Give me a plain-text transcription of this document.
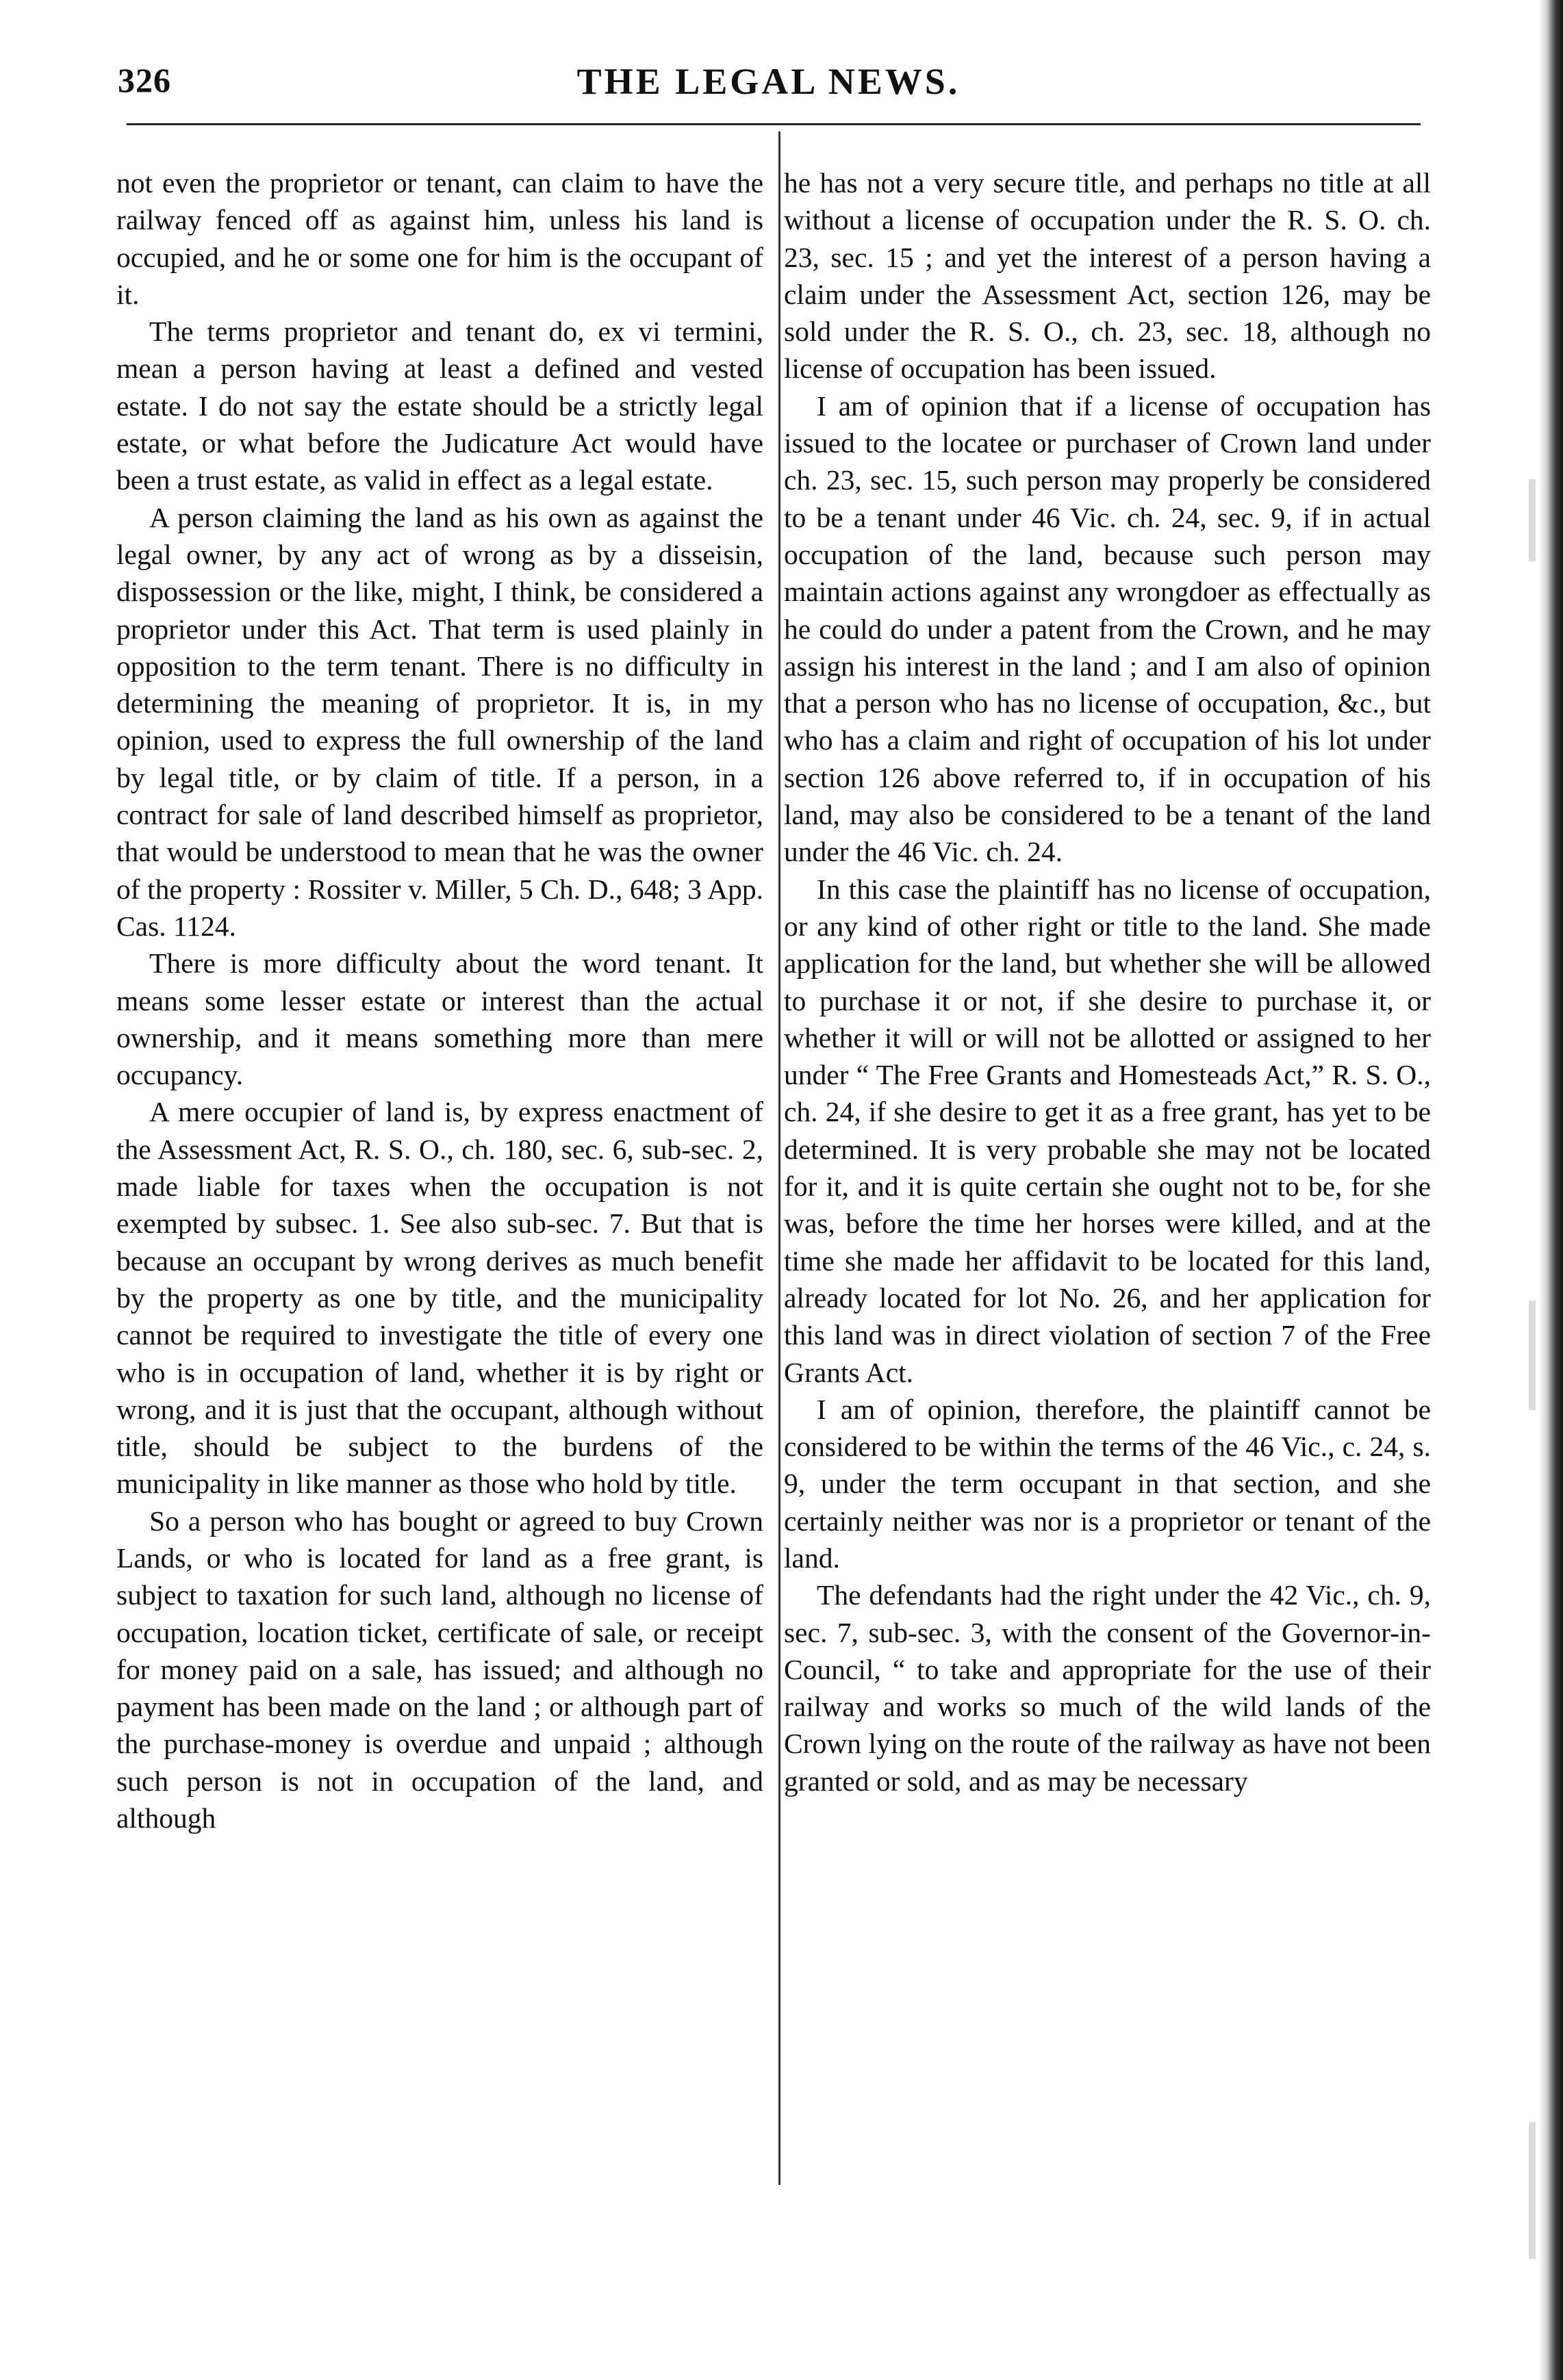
326	THE LEGAL NEWS.

not even the proprietor or tenant, can claim to have the railway fenced off as against him, unless his land is occupied, and he or some one for him is the occupant of it.

The terms proprietor and tenant do, ex vi termini, mean a person having at least a defined and vested estate. I do not say the estate should be a strictly legal estate, or what before the Judicature Act would have been a trust estate, as valid in effect as a legal estate.

A person claiming the land as his own as against the legal owner, by any act of wrong as by a disseisin, dispossession or the like, might, I think, be considered a proprietor under this Act. That term is used plainly in opposition to the term tenant. There is no difficulty in determining the meaning of proprietor. It is, in my opinion, used to express the full ownership of the land by legal title, or by claim of title. If a person, in a contract for sale of land described himself as proprietor, that would be understood to mean that he was the owner of the property : Rossiter v. Miller, 5 Ch. D., 648; 3 App. Cas. 1124.

There is more difficulty about the word tenant. It means some lesser estate or interest than the actual ownership, and it means something more than mere occupancy.

A mere occupier of land is, by express enactment of the Assessment Act, R. S. O., ch. 180, sec. 6, sub-sec. 2, made liable for taxes when the occupation is not exempted by subsec. 1. See also sub-sec. 7. But that is because an occupant by wrong derives as much benefit by the property as one by title, and the municipality cannot be required to investigate the title of every one who is in occupation of land, whether it is by right or wrong, and it is just that the occupant, although without title, should be subject to the burdens of the municipality in like manner as those who hold by title.

So a person who has bought or agreed to buy Crown Lands, or who is located for land as a free grant, is subject to taxation for such land, although no license of occupation, location ticket, certificate of sale, or receipt for money paid on a sale, has issued; and although no payment has been made on the land ; or although part of the purchase-money is overdue and unpaid ; although such person is not in occupation of the land, and although

he has not a very secure title, and perhaps no title at all without a license of occupation under the R. S. O. ch. 23, sec. 15 ; and yet the interest of a person having a claim under the Assessment Act, section 126, may be sold under the R. S. O., ch. 23, sec. 18, although no license of occupation has been issued.

I am of opinion that if a license of occupation has issued to the locatee or purchaser of Crown land under ch. 23, sec. 15, such person may properly be considered to be a tenant under 46 Vic. ch. 24, sec. 9, if in actual occupation of the land, because such person may maintain actions against any wrongdoer as effectually as he could do under a patent from the Crown, and he may assign his interest in the land ; and I am also of opinion that a person who has no license of occupation, &c., but who has a claim and right of occupation of his lot under section 126 above referred to, if in occupation of his land, may also be considered to be a tenant of the land under the 46 Vic. ch. 24.

In this case the plaintiff has no license of occupation, or any kind of other right or title to the land. She made application for the land, but whether she will be allowed to purchase it or not, if she desire to purchase it, or whether it will or will not be allotted or assigned to her under “ The Free Grants and Homesteads Act,” R. S. O., ch. 24, if she desire to get it as a free grant, has yet to be determined. It is very probable she may not be located for it, and it is quite certain she ought not to be, for she was, before the time her horses were killed, and at the time she made her affidavit to be located for this land, already located for lot No. 26, and her application for this land was in direct violation of section 7 of the Free Grants Act.

I am of opinion, therefore, the plaintiff cannot be considered to be within the terms of the 46 Vic., c. 24, s. 9, under the term occupant in that section, and she certainly neither was nor is a proprietor or tenant of the land.

The defendants had the right under the 42 Vic., ch. 9, sec. 7, sub-sec. 3, with the consent of the Governor-in-Council, “ to take and appropriate for the use of their railway and works so much of the wild lands of the Crown lying on the route of the railway as have not been granted or sold, and as may be necessary
